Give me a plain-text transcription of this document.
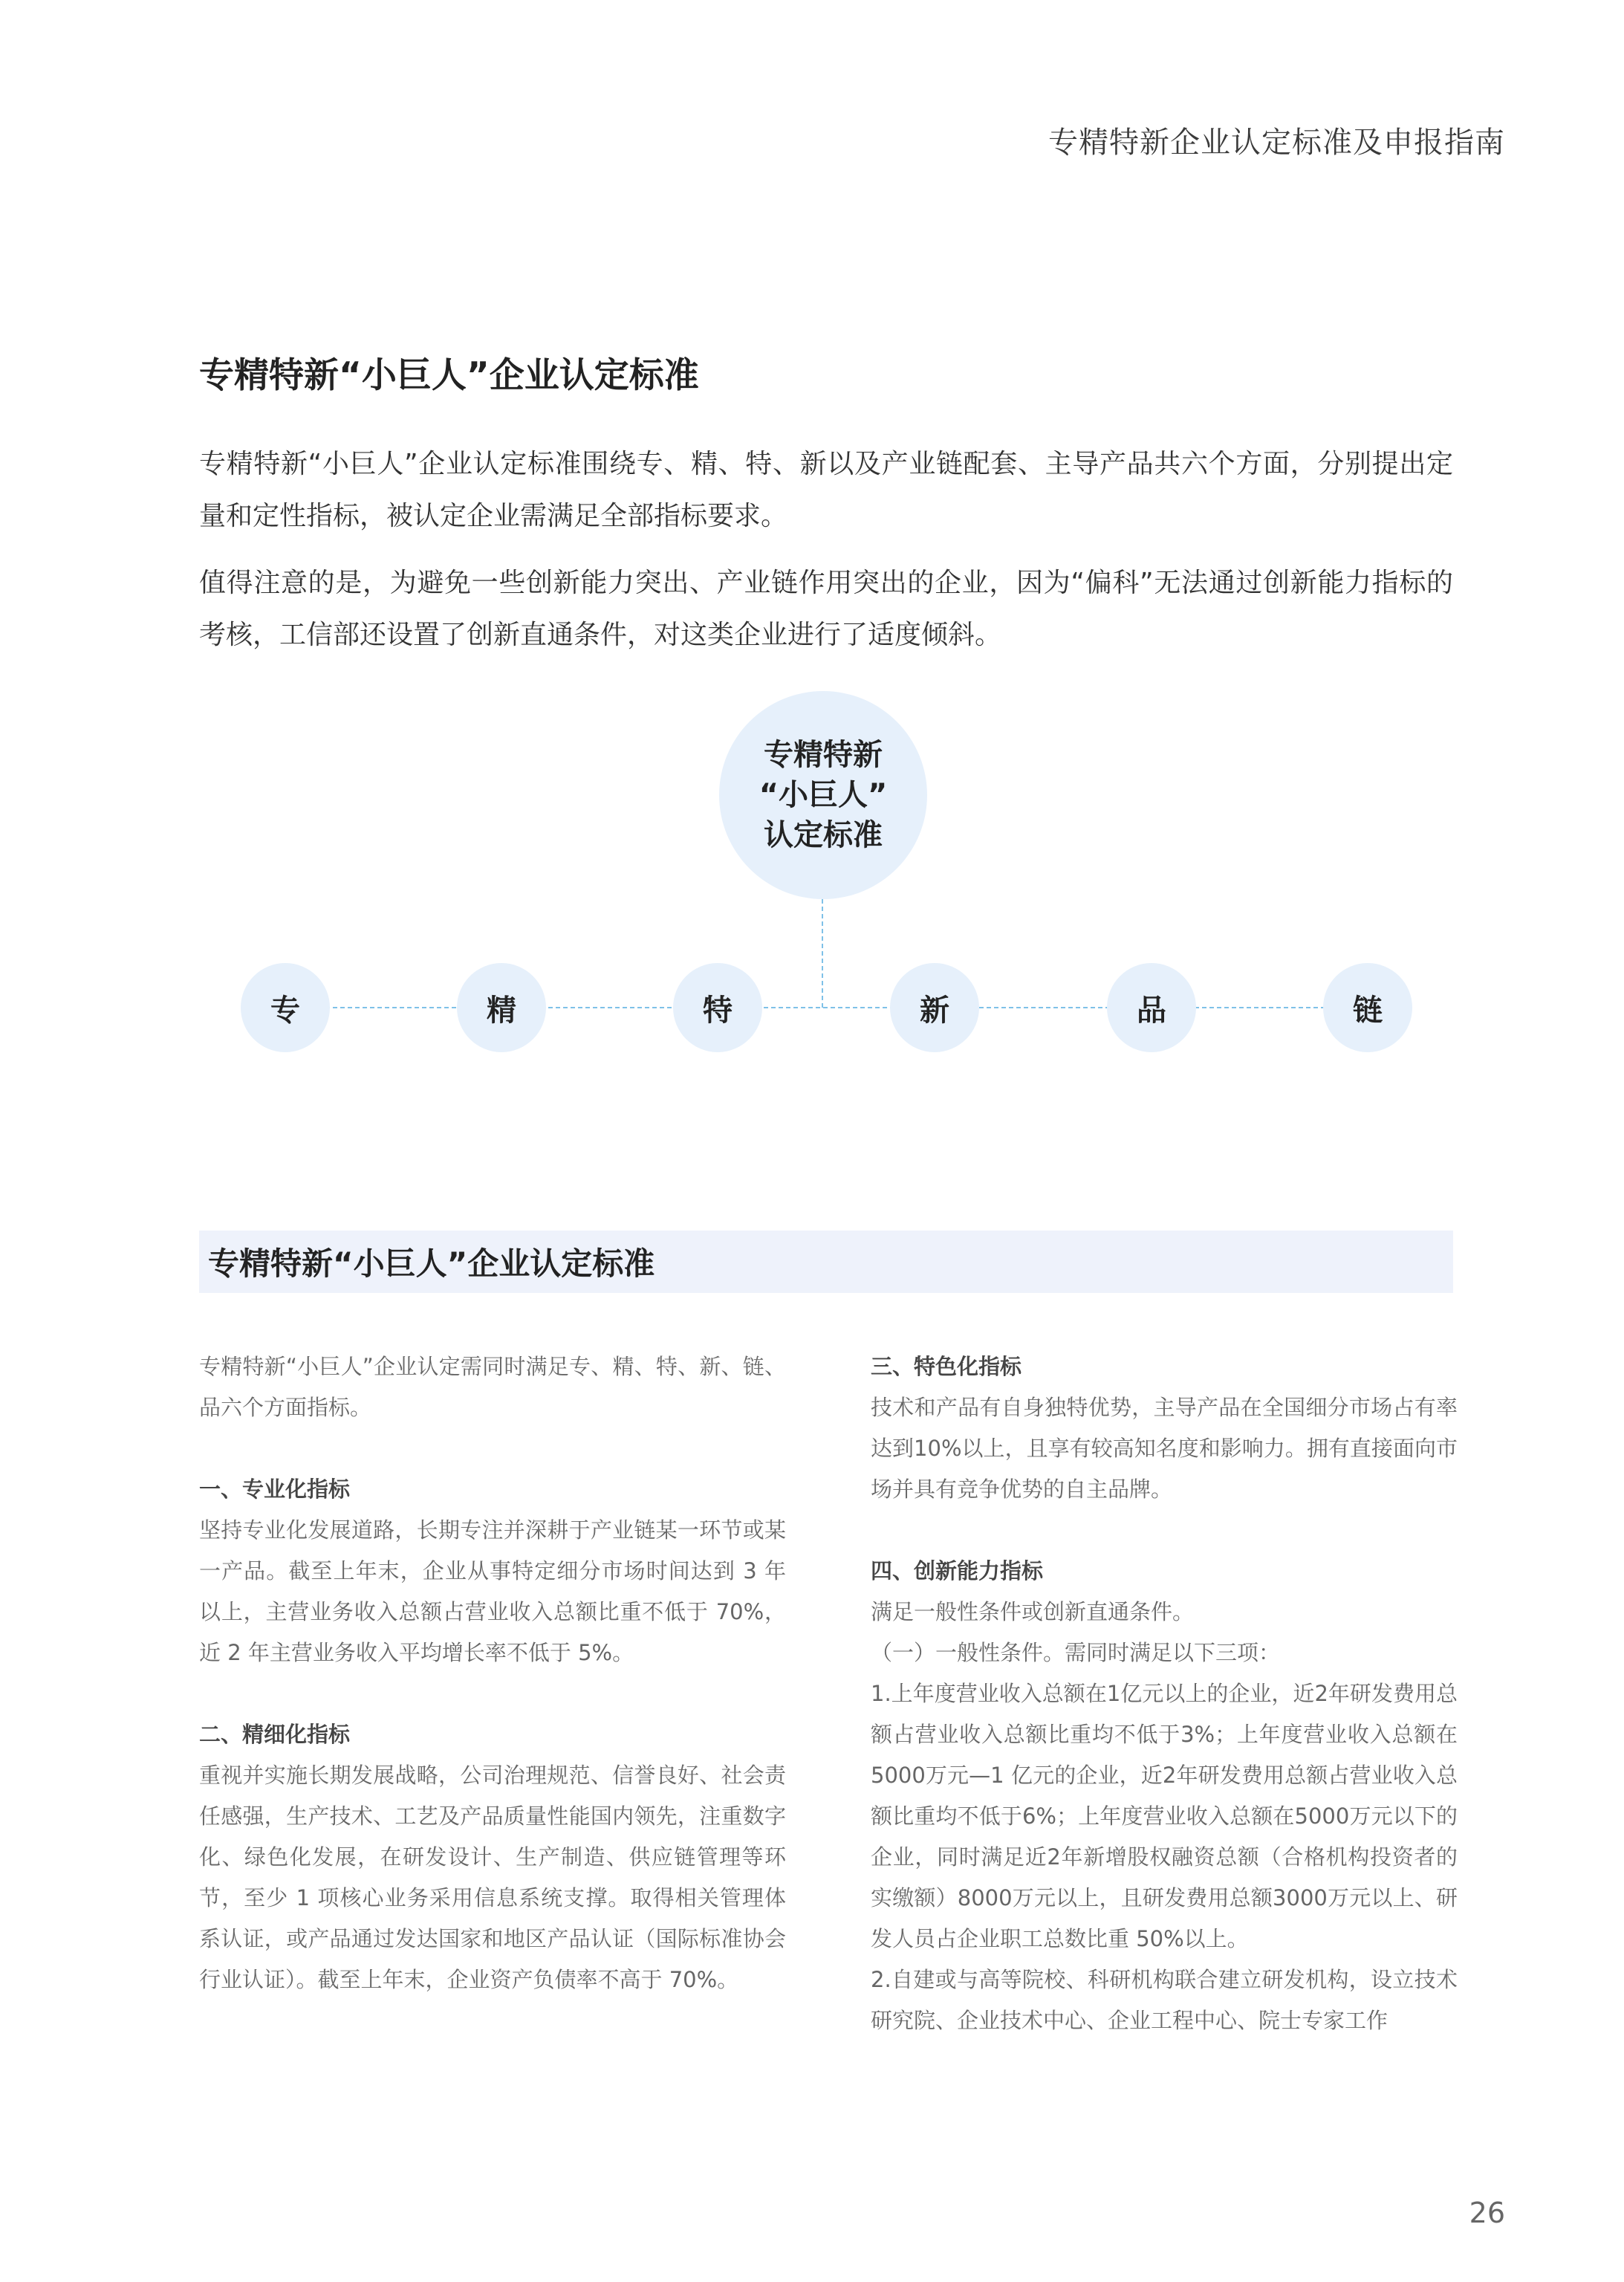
专精特新企业认定标准及申报指南
专精特新“小巨人”企业认定标准

专精特新“小巨人”企业认定标准围绕专、精、特、新以及产业链配套、主导产品共六个方面，分别提出定量和定性指标，被认定企业需满足全部指标要求。

值得注意的是，为避免一些创新能力突出、产业链作用突出的企业，因为“偏科”无法通过创新能力指标的考核，工信部还设置了创新直通条件，对这类企业进行了适度倾斜。

专精特新
“小巨人”
认定标准
专	精	特	新	品	链
专精特新“小巨人”企业认定标准

专精特新“小巨人”企业认定需同时满足专、精、特、新、链、品六个方面指标。

一、专业化指标

坚持专业化发展道路，长期专注并深耕于产业链某一环节或某一产品。截至上年末，企业从事特定细分市场时间达到 3 年以上，主营业务收入总额占营业收入总额比重不低于 70%，近 2 年主营业务收入平均增长率不低于 5%。

二、精细化指标

重视并实施长期发展战略，公司治理规范、信誉良好、社会责任感强，生产技术、工艺及产品质量性能国内领先，注重数字化、绿色化发展，在研发设计、生产制造、供应链管理等环节，至少 1 项核心业务采用信息系统支撑。取得相关管理体系认证，或产品通过发达国家和地区产品认证（国际标准协会行业认证）。截至上年末，企业资产负债率不高于 70%。

三、特色化指标

技术和产品有自身独特优势，主导产品在全国细分市场占有率达到10%以上，且享有较高知名度和影响力。拥有直接面向市场并具有竞争优势的自主品牌。

四、创新能力指标

满足一般性条件或创新直通条件。

（一）一般性条件。需同时满足以下三项：

1.上年度营业收入总额在1亿元以上的企业，近2年研发费用总额占营业收入总额比重均不低于3%；上年度营业收入总额在5000万元—1 亿元的企业，近2年研发费用总额占营业收入总额比重均不低于6%；上年度营业收入总额在5000万元以下的企业，同时满足近2年新增股权融资总额（合格机构投资者的实缴额）8000万元以上，且研发费用总额3000万元以上、研发人员占企业职工总数比重 50%以上。

2.自建或与高等院校、科研机构联合建立研发机构，设立技术研究院、企业技术中心、企业工程中心、院士专家工作

26
